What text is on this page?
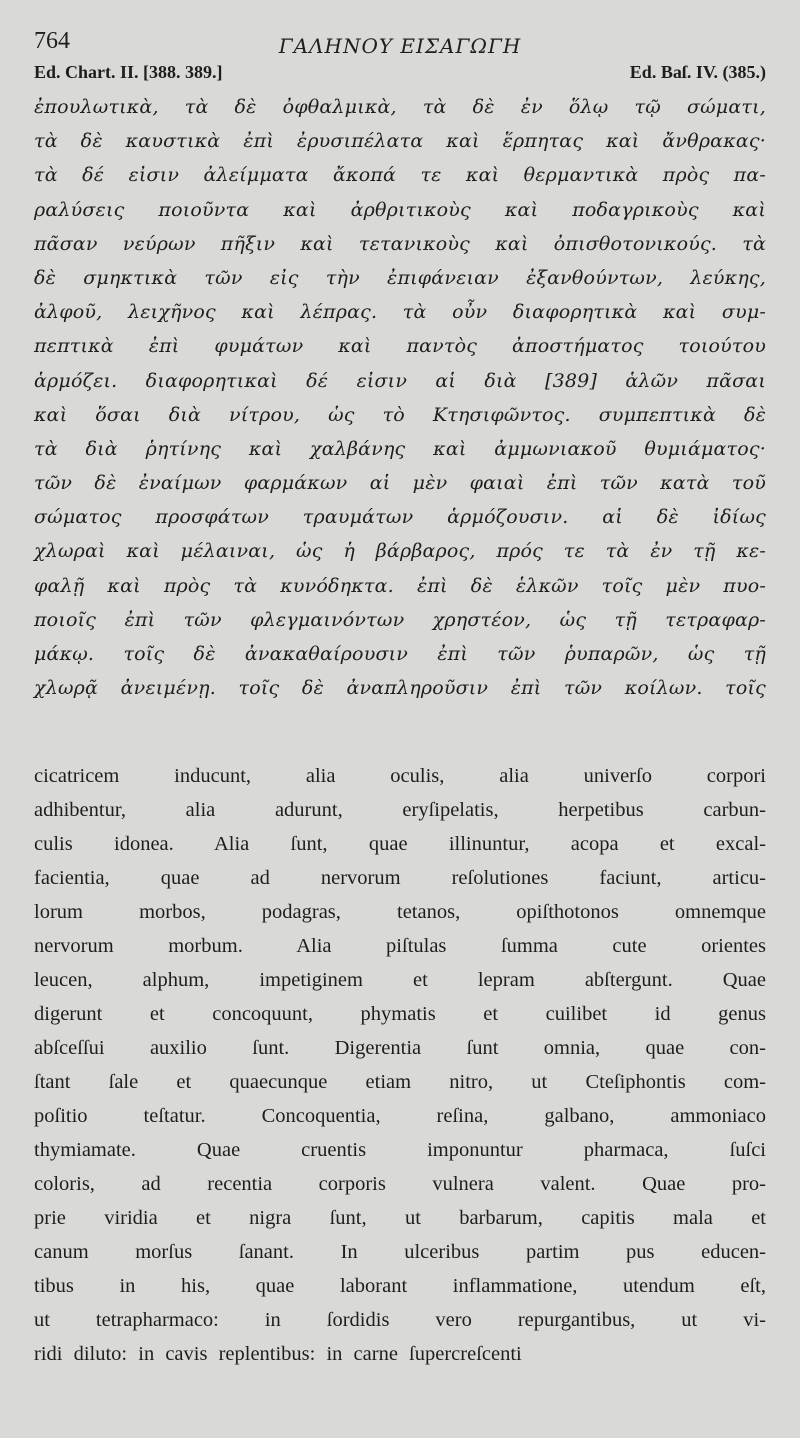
764	ΓΑΛΗΝΟΥ ΕΙΣΑΓΩΓΗ
Ed. Chart. II. [388. 389.]	Ed. Baſ. IV. (385.)
ἐπουλωτικὰ, τὰ δὲ ὀφθαλμικὰ, τὰ δὲ ἐν ὅλῳ τῷ σώματι,
τὰ δὲ καυστικὰ ἐπὶ ἐρυσιπέλατα καὶ ἕρπητας καὶ ἄνθρακας·
τὰ δέ εἰσιν ἀλείμματα ἄκοπά τε καὶ θερμαντικὰ πρὸς πα-
ραλύσεις ποιοῦντα καὶ ἀρθριτικοὺς καὶ ποδαγρικοὺς καὶ
πᾶσαν νεύρων πῆξιν καὶ τετανικοὺς καὶ ὀπισθοτονικούς. τὰ
δὲ σμηκτικὰ τῶν εἰς τὴν ἐπιφάνειαν ἐξανθούντων, λεύκης,
ἀλφοῦ, λειχῆνος καὶ λέπρας. τὰ οὖν διαφορητικὰ καὶ συμ-
πεπτικὰ ἐπὶ φυμάτων καὶ παντὸς ἀποστήματος τοιούτου
ἁρμόζει. διαφορητικαὶ δέ εἰσιν αἱ διὰ [389] ἁλῶν πᾶσαι
καὶ ὅσαι διὰ νίτρου, ὡς τὸ Κτησιφῶντος. συμπεπτικὰ δὲ
τὰ διὰ ῥητίνης καὶ χαλβάνης καὶ ἀμμωνιακοῦ θυμιάματος·
τῶν δὲ ἐναίμων φαρμάκων αἱ μὲν φαιαὶ ἐπὶ τῶν κατὰ τοῦ
σώματος προσφάτων τραυμάτων ἁρμόζουσιν. αἱ δὲ ἰδίως
χλωραὶ καὶ μέλαιναι, ὡς ἡ βάρβαρος, πρός τε τὰ ἐν τῇ κε-
φαλῇ καὶ πρὸς τὰ κυνόδηκτα. ἐπὶ δὲ ἑλκῶν τοῖς μὲν πυο-
ποιοῖς ἐπὶ τῶν φλεγμαινόντων χρηστέον, ὡς τῇ τετραφαρ-
μάκῳ. τοῖς δὲ ἀνακαθαίρουσιν ἐπὶ τῶν ῥυπαρῶν, ὡς τῇ
χλωρᾷ ἀνειμένῃ. τοῖς δὲ ἀναπληροῦσιν ἐπὶ τῶν κοίλων. τοῖς
cicatricem inducunt, alia oculis, alia univerſo corpori
adhibentur, alia adurunt, eryſipelatis, herpetibus carbun-
culis idonea. Alia ſunt, quae illinuntur, acopa et excal-
facientia, quae ad nervorum reſolutiones faciunt, articu-
lorum morbos, podagras, tetanos, opiſthotonos omnemque
nervorum morbum. Alia piſtulas ſumma cute orientes
leucen, alphum, impetiginem et lepram abſtergunt. Quae
digerunt et concoquunt, phymatis et cuilibet id genus
abſceſſui auxilio ſunt. Digerentia ſunt omnia, quae con-
ſtant ſale et quaecunque etiam nitro, ut Cteſiphontis com-
poſitio teſtatur. Concoquentia, reſina, galbano, ammoniaco
thymiamate. Quae cruentis imponuntur pharmaca, ſuſci
coloris, ad recentia corporis vulnera valent. Quae pro-
prie viridia et nigra ſunt, ut barbarum, capitis mala et
canum morſus ſanant. In ulceribus partim pus educen-
tibus in his, quae laborant inflammatione, utendum eſt,
ut tetrapharmaco: in ſordidis vero repurgantibus, ut vi-
ridi diluto: in cavis replentibus: in carne ſupercreſcenti
